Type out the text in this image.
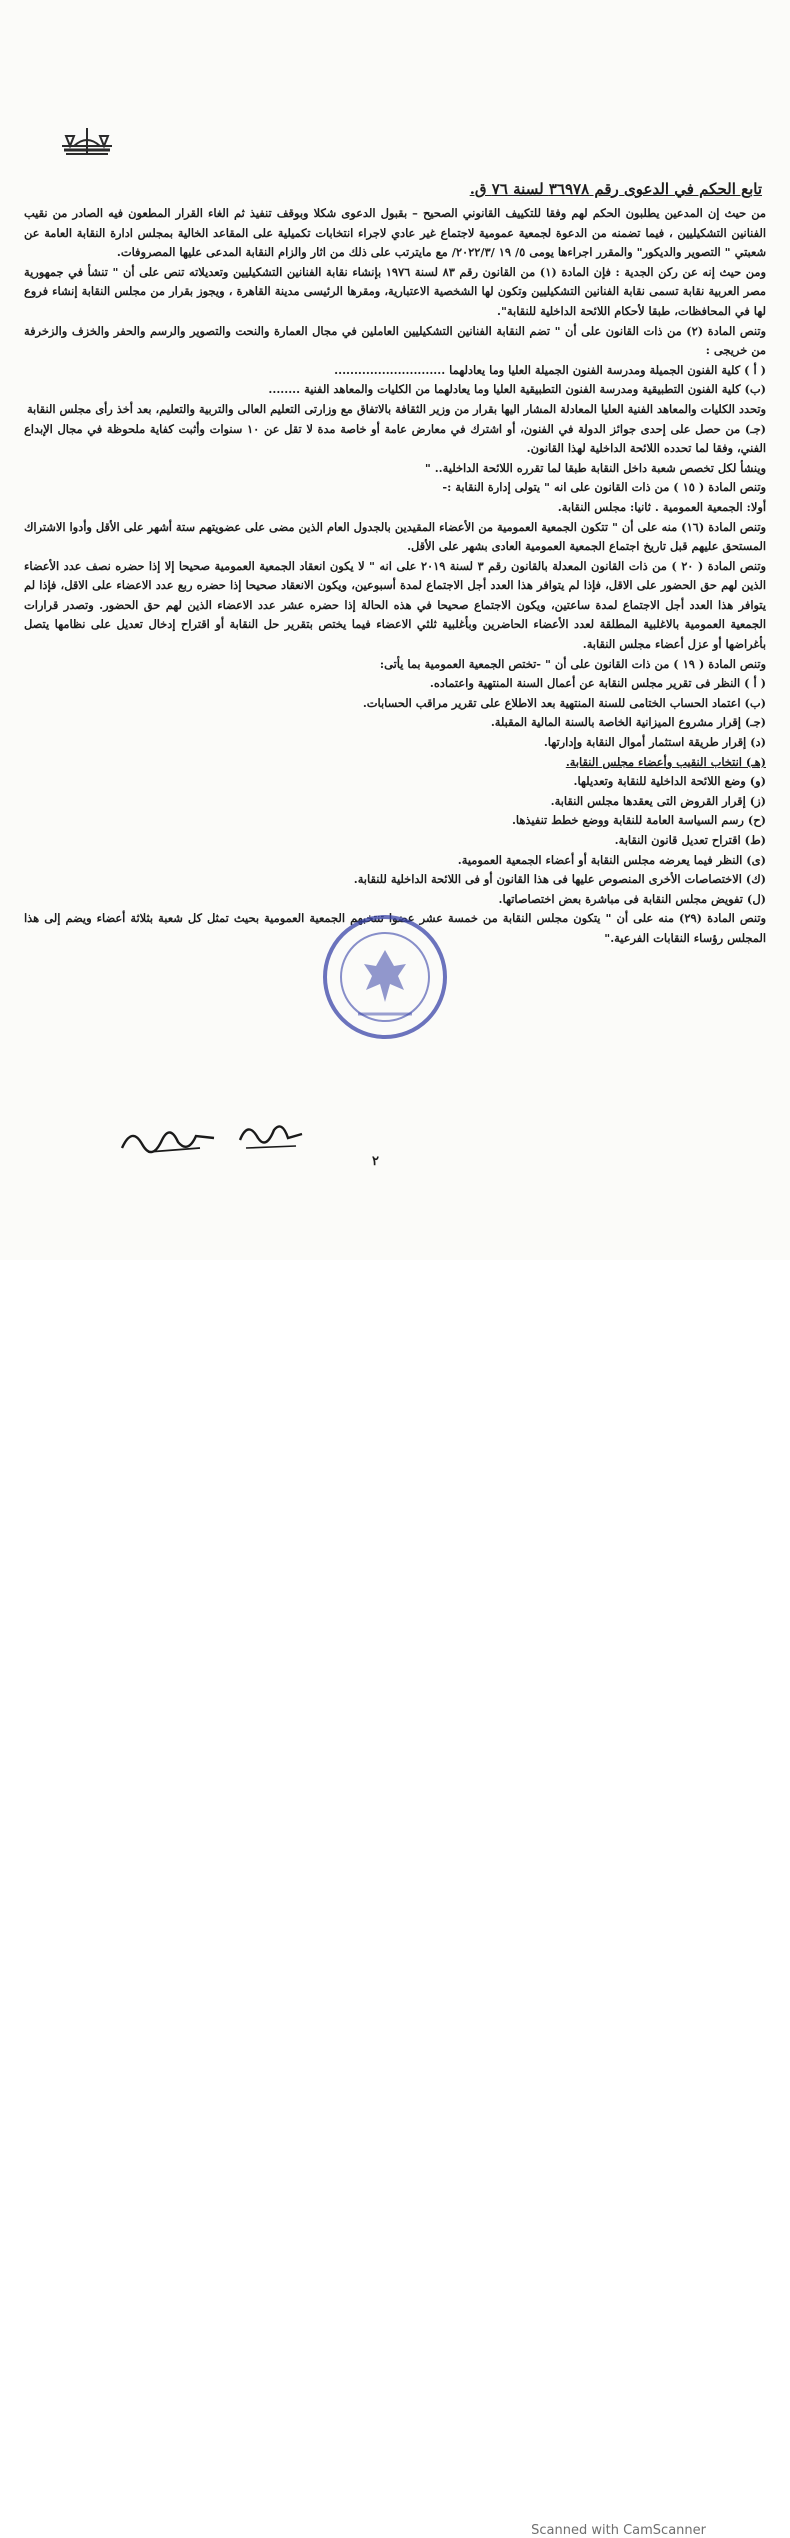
تابع الحكم في الدعوى رقم ٣٦٩٧٨ لسنة ٧٦ ق.

من حيث إن المدعين يطلبون الحكم لهم وفقا للتكييف القانوني الصحيح – بقبول الدعوى شكلا وبوقف تنفيذ ثم الغاء القرار المطعون فيه الصادر من نقيب الفنانين التشكيليين ، فيما تضمنه من الدعوة لجمعية عمومية لاجتماع غير عادي لاجراء انتخابات تكميلية على المقاعد الخالية بمجلس ادارة النقابة العامة عن شعبتي " التصوير والديكور" والمقرر اجراءها يومى ٥/ ١٩ /٢٠٢٢/٣/ مع مايترتب على ذلك من اثار والزام النقابة المدعى عليها المصروفات.

ومن حيث إنه عن ركن الجدية : فإن المادة (١) من القانون رقم ٨٣ لسنة ١٩٧٦ بإنشاء نقابة الفنانين التشكيليين وتعديلاته تنص على أن " تنشأ في جمهورية مصر العربية نقابة تسمى نقابة الفنانين التشكيليين وتكون لها الشخصية الاعتبارية، ومقرها الرئيسى مدينة القاهرة ، ويجوز بقرار من مجلس النقابة إنشاء فروع لها في المحافظات، طبقا لأحكام اللائحة الداخلية للنقابة".

وتنص المادة (٢) من ذات القانون على أن " تضم النقابة الفنانين التشكيليين العاملين في مجال العمارة والنحت والتصوير والرسم والحفر والخزف والزخرفة من خريجى :

( أ ) كلية الفنون الجميلة ومدرسة الفنون الجميلة العليا وما يعادلهما ............................

(ب) كلية الفنون التطبيقية ومدرسة الفنون التطبيقية العليا وما يعادلهما من الكليات والمعاهد الفنية ........

وتحدد الكليات والمعاهد الفنية العليا المعادلة المشار اليها بقرار من وزير الثقافة بالاتفاق مع وزارتى التعليم العالى والتربية والتعليم، بعد أخذ رأى مجلس النقابة

(جـ) من حصل على إحدى جوائز الدولة في الفنون، أو اشترك في معارض عامة أو خاصة مدة لا تقل عن ١٠ سنوات وأثبت كفاية ملحوظة في مجال الإبداع الفني، وفقا لما تحدده اللائحة الداخلية لهذا القانون.

وينشأ لكل تخصص شعبة داخل النقابة طبقا لما تقرره اللائحة الداخلية.. "

وتنص المادة ( ١٥ ) من ذات القانون على انه " يتولى إدارة النقابة :-

أولا: الجمعية العمومية . ثانيا: مجلس النقابة.

وتنص المادة (١٦) منه على أن " تتكون الجمعية العمومية من الأعضاء المقيدين بالجدول العام الذين مضى على عضويتهم ستة أشهر على الأقل وأدوا الاشتراك المستحق عليهم قبل تاريخ اجتماع الجمعية العمومية العادى بشهر على الأقل.

وتنص المادة ( ٢٠ ) من ذات القانون المعدلة بالقانون رقم ٣ لسنة ٢٠١٩ على انه " لا يكون انعقاد الجمعية العمومية صحيحا إلا إذا حضره نصف عدد الأعضاء الذين لهم حق الحضور على الاقل، فإذا لم يتوافر هذا العدد أجل الاجتماع لمدة أسبوعين، ويكون الانعقاد صحيحا إذا حضره ربع عدد الاعضاء على الاقل، فإذا لم يتوافر هذا العدد أجل الاجتماع لمدة ساعتين، ويكون الاجتماع صحيحا في هذه الحالة إذا حضره عشر عدد الاعضاء الذين لهم حق الحضور. وتصدر قرارات الجمعية العمومية بالاغلبية المطلقة لعدد الأعضاء الحاضرين وبأغلبية ثلثي الاعضاء فيما يختص بتقرير حل النقابة أو اقتراح إدخال تعديل على نظامها يتصل بأغراضها أو عزل أعضاء مجلس النقابة.

وتنص المادة ( ١٩ ) من ذات القانون على أن " -تختص الجمعية العمومية بما يأتى:

( أ ) النظر فى تقرير مجلس النقابة عن أعمال السنة المنتهية واعتماده.

(ب) اعتماد الحساب الختامى للسنة المنتهية بعد الاطلاع على تقرير مراقب الحسابات.

(جـ) إقرار مشروع الميزانية الخاصة بالسنة المالية المقبلة.

(د) إقرار طريقة استثمار أموال النقابة وإدارتها.

(هـ) انتخاب النقيب وأعضاء مجلس النقابة.

(و) وضع اللائحة الداخلية للنقابة وتعديلها.

(ز) إقرار القروض التى يعقدها مجلس النقابة.

(ح) رسم السياسة العامة للنقابة ووضع خطط تنفيذها.

(ط) اقتراح تعديل قانون النقابة.

(ى) النظر فيما يعرضه مجلس النقابة أو أعضاء الجمعية العمومية.

(ك) الاختصاصات الأخرى المنصوص عليها فى هذا القانون أو فى اللائحة الداخلية للنقابة.

(ل) تفويض مجلس النقابة فى مباشرة بعض اختصاصاتها.

وتنص المادة (٢٩) منه على أن " يتكون مجلس النقابة من خمسة عشر عضوا تنتخبهم الجمعية العمومية بحيث تمثل كل شعبة بثلاثة أعضاء ويضم إلى هذا المجلس رؤساء النقابات الفرعية."

٢
Scanned with CamScanner
